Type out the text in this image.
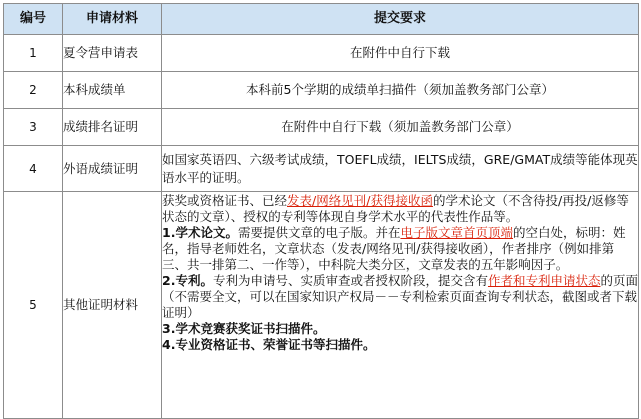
编号	申请材料	提交要求
1	夏令营申请表	在附件中自行下载
2	本科成绩单	本科前5个学期的成绩单扫描件（须加盖教务部门公章）
3	成绩排名证明	在附件中自行下载（须加盖教务部门公章）
4	外语成绩证明	如国家英语四、六级考试成绩，TOEFL成绩，IELTS成绩，GRE/GMAT成绩等能体现英语水平的证明。
5	其他证明材料	获奖或资格证书、已经发表/网络见刊/获得接收函的学术论文（不含待投/再投/返修等状态的文章）、授权的专利等体现自身学术水平的代表性作品等。
1.学术论文。需要提供文章的电子版。并在电子版文章首页顶端的空白处，标明：姓名，指导老师姓名，文章状态（发表/网络见刊/获得接收函），作者排序（例如排第三、共一排第二、一作等），中科院大类分区，文章发表的五年影响因子。
2.专利。专利为申请号、实质审查或者授权阶段，提交含有作者和专利申请状态的页面（不需要全文，可以在国家知识产权局－－专利检索页面查询专利状态，截图或者下载证明）
3.学术竞赛获奖证书扫描件。
4.专业资格证书、荣誉证书等扫描件。
